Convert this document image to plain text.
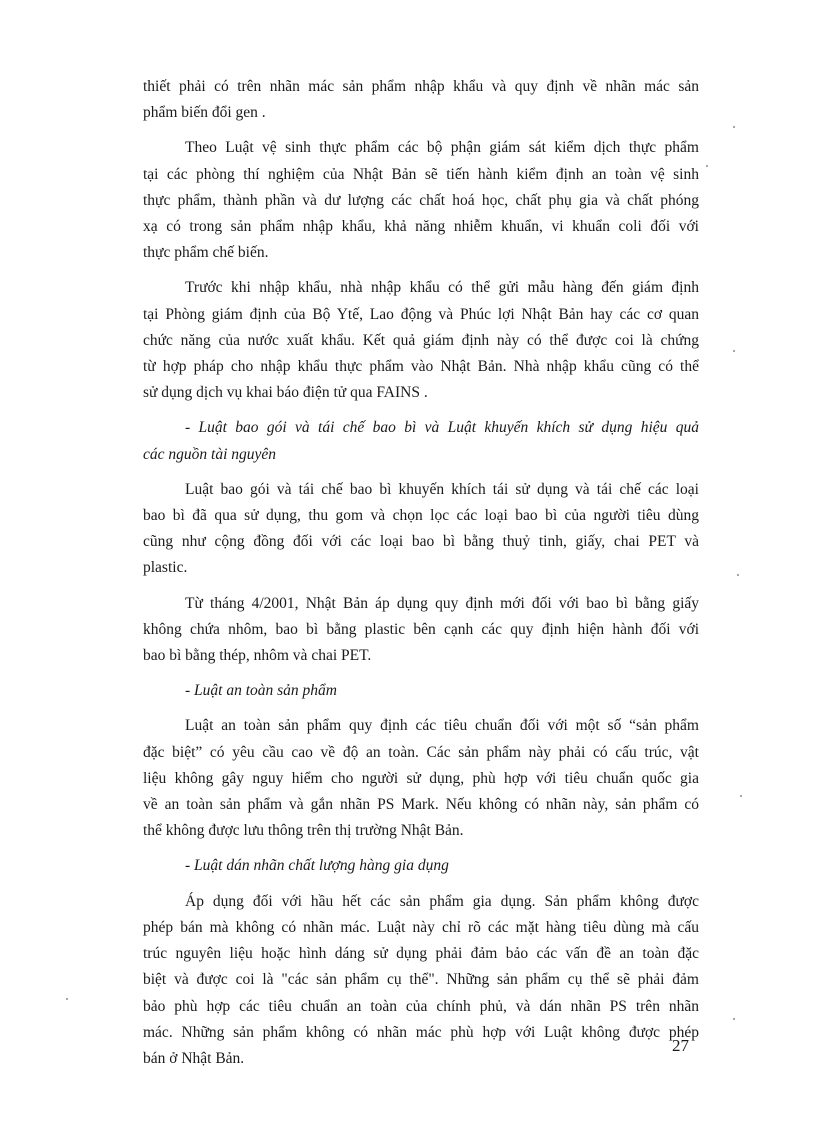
thiết phải có trên nhãn mác sản phẩm nhập khẩu và quy định về nhãn mác sản
phẩm biến đổi gen .

Theo Luật vệ sinh thực phẩm các bộ phận giám sát kiểm dịch thực phẩm
tại các phòng thí nghiệm của Nhật Bản sẽ tiến hành kiểm định an toàn vệ sinh
thực phẩm, thành phần và dư lượng các chất hoá học, chất phụ gia và chất phóng
xạ có trong sản phẩm nhập khẩu, khả năng nhiễm khuẩn, vi khuẩn coli đối với
thực phẩm chế biến.

Trước khi nhập khẩu, nhà nhập khẩu có thể gửi mẫu hàng đến giám định
tại Phòng giám định của Bộ Ytế, Lao động và Phúc lợi Nhật Bản hay các cơ quan
chức năng của nước xuất khẩu. Kết quả giám định này có thể được coi là chứng
từ hợp pháp cho nhập khẩu thực phẩm vào Nhật Bản. Nhà nhập khẩu cũng có thể
sử dụng dịch vụ khai báo điện tử qua FAINS .

- Luật bao gói và tái chế bao bì và Luật khuyến khích sử dụng hiệu quả
các nguồn tài nguyên

Luật bao gói và tái chế bao bì khuyến khích tái sử dụng và tái chế các loại
bao bì đã qua sử dụng, thu gom và chọn lọc các loại bao bì của người tiêu dùng
cũng như cộng đồng đối với các loại bao bì bằng thuỷ tinh, giấy, chai PET và
plastic.

Từ tháng 4/2001, Nhật Bản áp dụng quy định mới đối với bao bì bằng giấy
không chứa nhôm, bao bì bằng plastic bên cạnh các quy định hiện hành đối với
bao bì bằng thép, nhôm và chai PET.

- Luật an toàn sản phẩm

Luật an toàn sản phẩm quy định các tiêu chuẩn đối với một số “sản phẩm
đặc biệt” có yêu cầu cao về độ an toàn. Các sản phẩm này phải có cấu trúc, vật
liệu không gây nguy hiểm cho người sử dụng, phù hợp với tiêu chuẩn quốc gia
về an toàn sản phẩm và gắn nhãn PS Mark. Nếu không có nhãn này, sản phẩm có
thể không được lưu thông trên thị trường Nhật Bản.

- Luật dán nhãn chất lượng hàng gia dụng

Áp dụng đối với hầu hết các sản phẩm gia dụng. Sản phẩm không được
phép bán mà không có nhãn mác. Luật này chỉ rõ các mặt hàng tiêu dùng mà cấu
trúc nguyên liệu hoặc hình dáng sử dụng phải đảm bảo các vấn đề an toàn đặc
biệt và được coi là "các sản phẩm cụ thể". Những sản phẩm cụ thể sẽ phải đảm
bảo phù hợp các tiêu chuẩn an toàn của chính phủ, và dán nhãn PS trên nhãn
mác. Những sản phẩm không có nhãn mác phù hợp với Luật không được phép
bán ở Nhật Bản.

27
